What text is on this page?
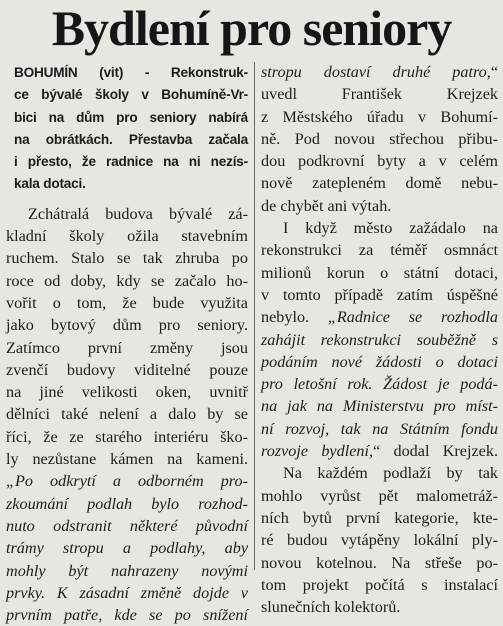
Bydlení pro seniory
BOHUMÍN (vit) - Rekonstruk-
ce bývalé školy v Bohumíně-Vr-
bici na dům pro seniory nabírá
na obrátkách. Přestavba začala
i přesto, že radnice na ni nezís-
kala dotaci.
Zchátralá budova bývalé zá-
kladní školy ožila stavebním
ruchem. Stalo se tak zhruba po
roce od doby, kdy se začalo ho-
vořit o tom, že bude využita
jako bytový dům pro seniory.
Zatímco první změny jsou
zvenčí budovy viditelné pouze
na jiné velikosti oken, uvnitř
dělníci také nelení a dalo by se
říci, že ze starého interiéru ško-
ly nezůstane kámen na kameni.
„Po odkrytí a odborném pro-
zkoumání podlah bylo rozhod-
nuto odstranit některé původní
trámy stropu a podlahy, aby
mohly být nahrazeny novými
prvky. K zásadní změně dojde v
prvním patře, kde se po snížení
stropu dostaví druhé patro,“
uvedl František Krejzek
z Městského úřadu v Bohumí-
ně. Pod novou střechou přibu-
dou podkrovní byty a v celém
nově zatepleném domě nebu-
de chybět ani výtah.
I když město zažádalo na
rekonstrukci za téměř osmnáct
milionů korun o státní dotaci,
v tomto případě zatím úspěšné
nebylo. „Radnice se rozhodla
zahájit rekonstrukci souběžně s
podáním nové žádosti o dotaci
pro letošní rok. Žádost je podá-
na jak na Ministerstvu pro míst-
ní rozvoj, tak na Státním fondu
rozvoje bydlení,“ dodal Krejzek.
Na každém podlaží by tak
mohlo vyrůst pět malometráž-
ních bytů první kategorie, kte-
ré budou vytápěny lokální ply-
novou kotelnou. Na střeše po-
tom projekt počítá s instalací
slunečních kolektorů.
